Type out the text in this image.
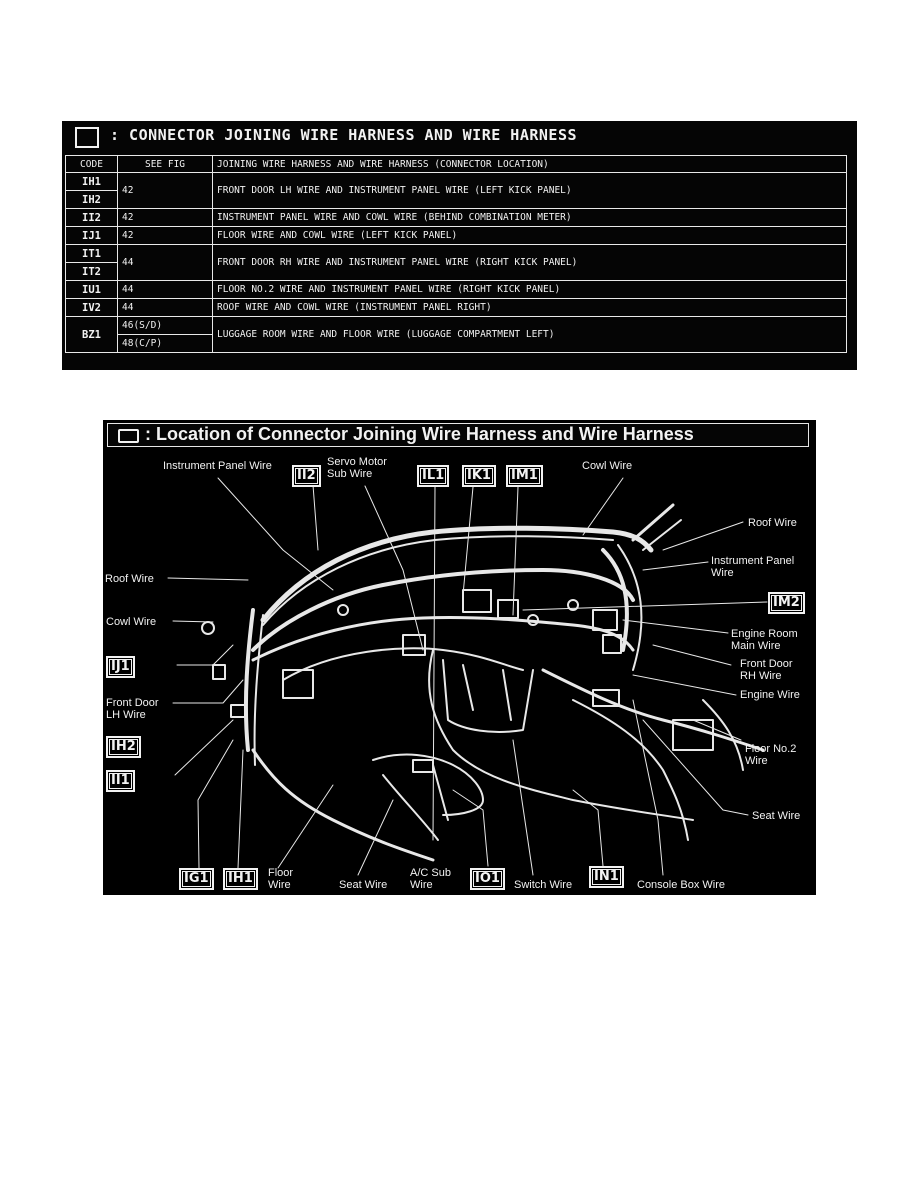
: CONNECTOR JOINING WIRE HARNESS AND WIRE HARNESS
CODE	SEE FIG	JOINING WIRE HARNESS AND WIRE HARNESS (CONNECTOR LOCATION)
IH1	42	FRONT DOOR LH WIRE AND INSTRUMENT PANEL WIRE (LEFT KICK PANEL)
IH2		
II2	42	INSTRUMENT PANEL WIRE AND COWL WIRE (BEHIND COMBINATION METER)
IJ1	42	FLOOR WIRE AND COWL WIRE (LEFT KICK PANEL)
IT1	44	FRONT DOOR RH WIRE AND INSTRUMENT PANEL WIRE (RIGHT KICK PANEL)
IT2		
IU1	44	FLOOR NO.2 WIRE AND INSTRUMENT PANEL WIRE (RIGHT KICK PANEL)
IV2	44	ROOF WIRE AND COWL WIRE (INSTRUMENT PANEL RIGHT)
BZ1	46(S/D)	LUGGAGE ROOM WIRE AND FLOOR WIRE (LUGGAGE COMPARTMENT LEFT)
	48(C/P)	
: Location of Connector Joining Wire Harness and Wire Harness
Instrument Panel Wire	Servo Motor
Sub Wire
Cowl Wire
Roof Wire
Instrument Panel
Wire
Roof Wire
Cowl Wire
Front Door
LH Wire
Engine Room
Main Wire
Front Door
RH Wire
Engine Wire
Floor No.2
Wire
Seat Wire
Floor
Wire	Seat Wire
A/C Sub
Wire	Switch Wire	Console Box Wire
II2	IL1	IK1	IM1
IM2
IJ1
IH2
II1
IG1	IH1	IO1	IN1
